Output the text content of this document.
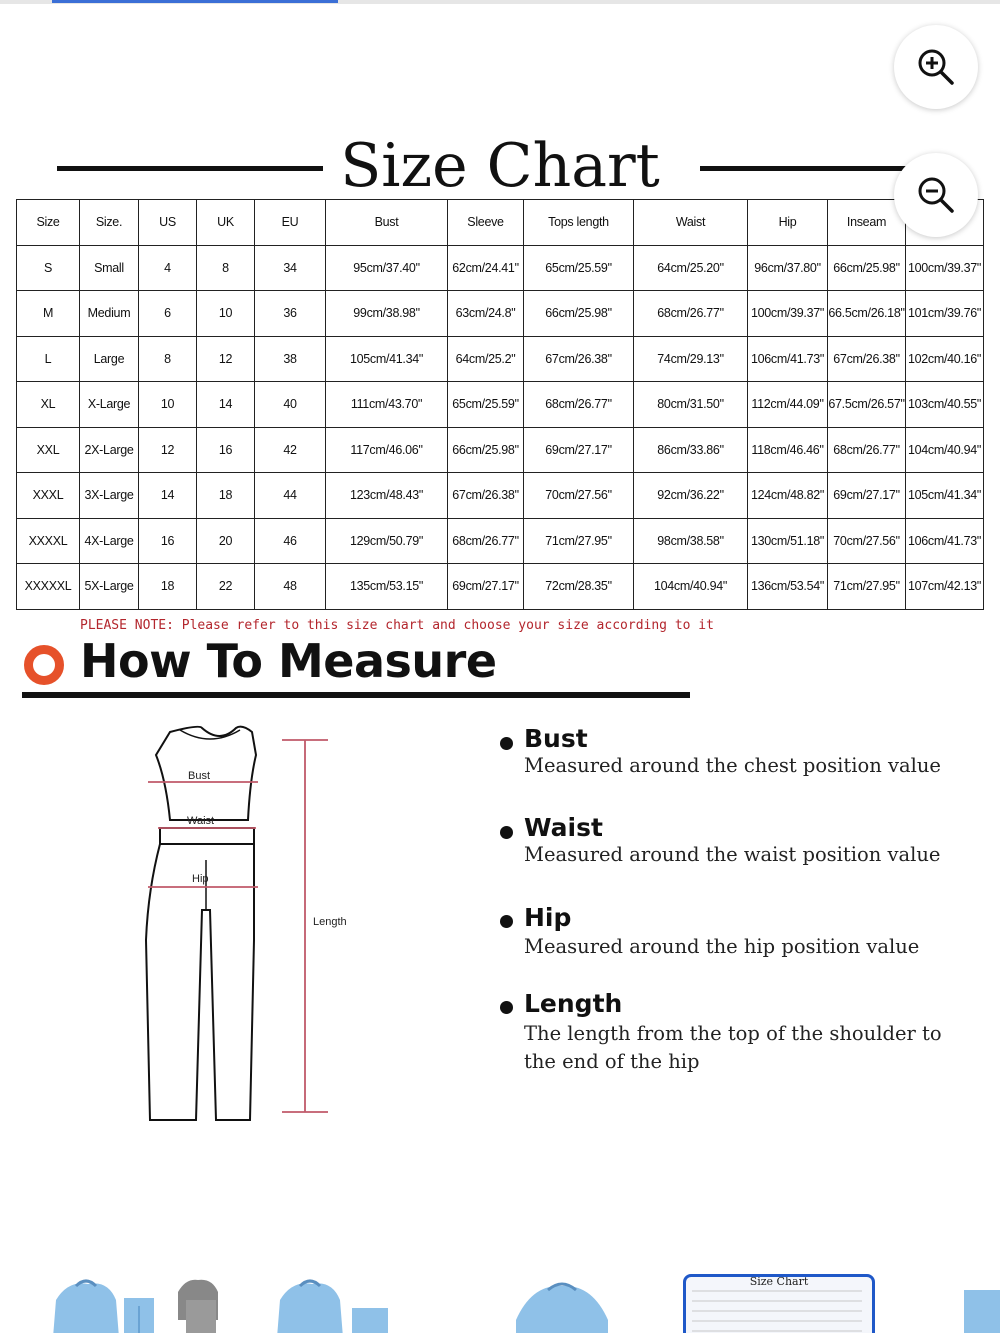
Size Chart
Size	Size.	US	UK	EU	Bust	Sleeve	Tops length	Waist	Hip	Inseam	
S	Small	4	8	34	95cm/37.40"	62cm/24.41"	65cm/25.59"	64cm/25.20"	96cm/37.80"	66cm/25.98"	100cm/39.37"
M	Medium	6	10	36	99cm/38.98"	63cm/24.8"	66cm/25.98"	68cm/26.77"	100cm/39.37"	66.5cm/26.18"	101cm/39.76"
L	Large	8	12	38	105cm/41.34"	64cm/25.2"	67cm/26.38"	74cm/29.13"	106cm/41.73"	67cm/26.38"	102cm/40.16"
XL	X-Large	10	14	40	111cm/43.70"	65cm/25.59"	68cm/26.77"	80cm/31.50"	112cm/44.09"	67.5cm/26.57"	103cm/40.55"
XXL	2X-Large	12	16	42	117cm/46.06"	66cm/25.98"	69cm/27.17"	86cm/33.86"	118cm/46.46"	68cm/26.77"	104cm/40.94"
XXXL	3X-Large	14	18	44	123cm/48.43"	67cm/26.38"	70cm/27.56"	92cm/36.22"	124cm/48.82"	69cm/27.17"	105cm/41.34"
XXXXL	4X-Large	16	20	46	129cm/50.79"	68cm/26.77"	71cm/27.95"	98cm/38.58"	130cm/51.18"	70cm/27.56"	106cm/41.73"
XXXXXL	5X-Large	18	22	48	135cm/53.15"	69cm/27.17"	72cm/28.35"	104cm/40.94"	136cm/53.54"	71cm/27.95"	107cm/42.13"
PLEASE NOTE: Please refer to this size chart and choose your size according to it
How To Measure
Bust
Waist
Hip
Length
Bust
Measured around the chest position value
Waist
Measured around the waist position value
Hip
Measured around the hip position value
Length
The length from the top of the shoulder to
the end of the hip
Size Chart
